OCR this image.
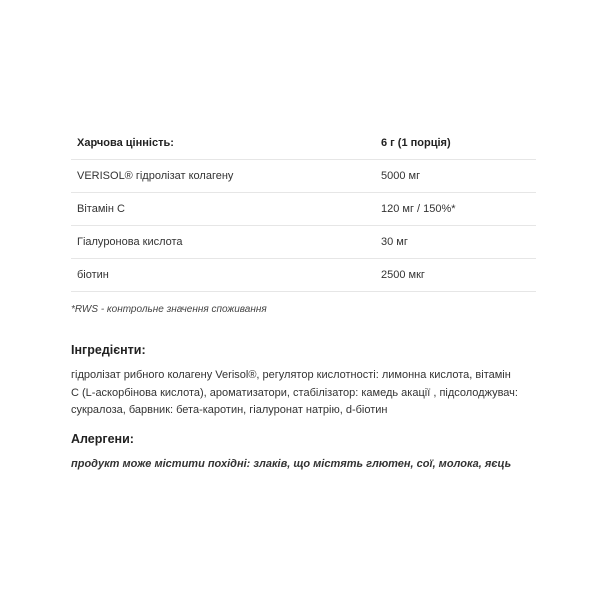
Харчова цінність:	6 г (1 порція)
VERISOL® гідролізат колагену	5000 мг
Вітамін C	120 мг / 150%*
Гіалуронова кислота	30 мг
біотин	2500 мкг
*RWS - контрольне значення споживання
Інгредієнти:
гідролізат рибного колагену Verisol®, регулятор кислотності: лимонна кислота, вітамін
C (L-аскорбінова кислота), ароматизатори, стабілізатор: камедь акації , підсолоджувач:
сукралоза, барвник: бета-каротин, гіалуронат натрію, d-біотин
Алергени:
продукт може містити похідні: злаків, що містять глютен, сої, молока, яєць
